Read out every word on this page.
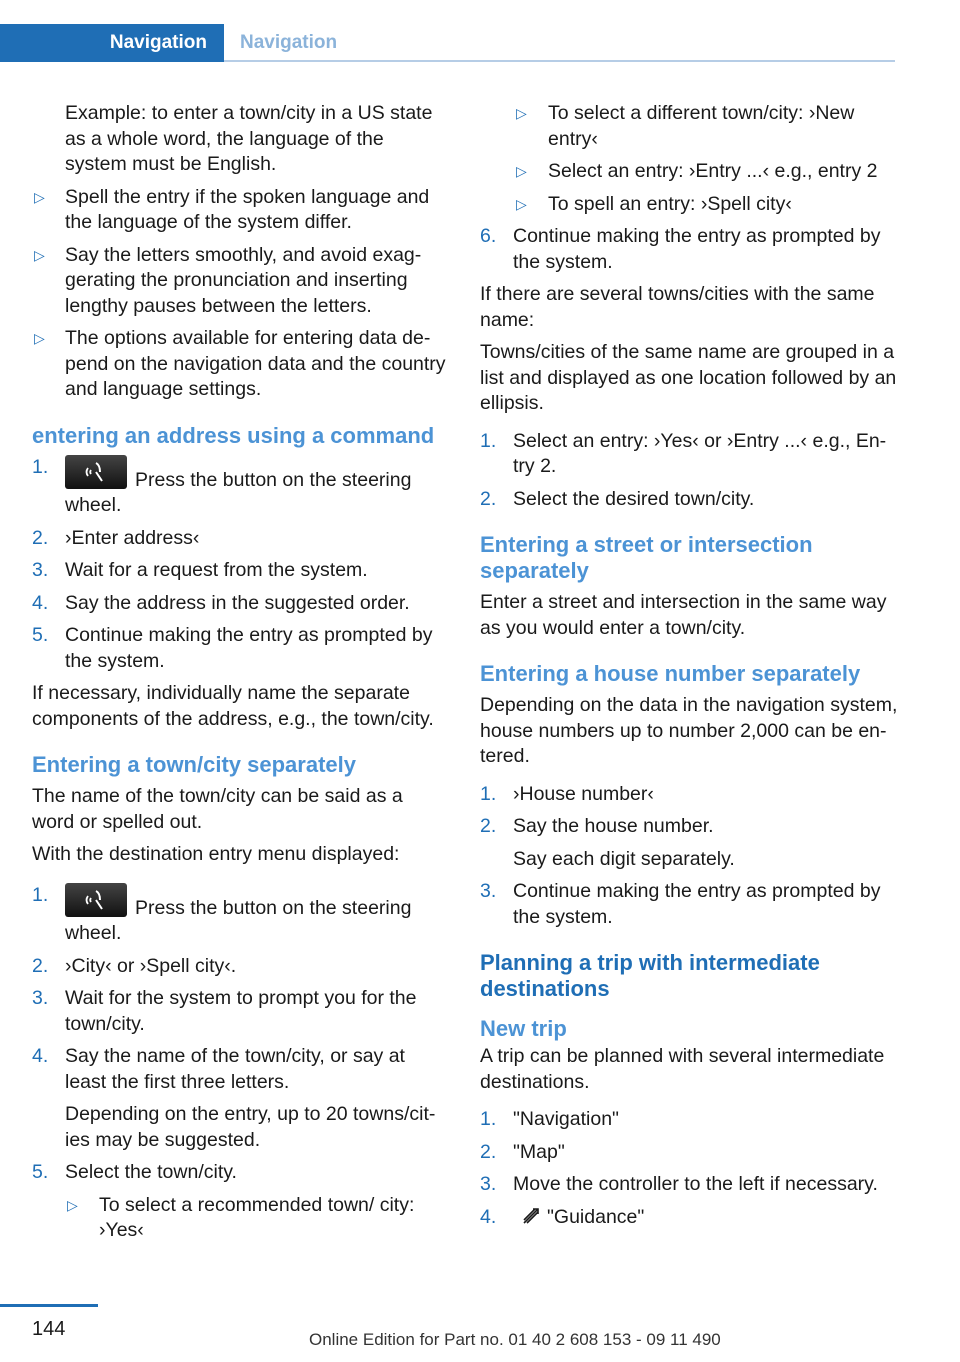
Navigation	Navigation

Example: to enter a town/city in a US state as a whole word, the language of the system must be English.

▷ Spell the entry if the spoken language and the language of the system differ.
▷ Say the letters smoothly, and avoid exag‐ gerating the pronunciation and inserting lengthy pauses between the letters.
▷ The options available for entering data de‐ pend on the navigation data and the country and language settings.
entering an address using a command
1.
Press the button on the steering wheel.
2. ›Enter address‹
3. Wait for a request from the system.
4. Say the address in the suggested order.
5. Continue making the entry as prompted by the system.

If necessary, individually name the separate components of the address, e.g., the town/city.

Entering a town/city separately

The name of the town/city can be said as a word or spelled out.

With the destination entry menu displayed:

1.
Press the button on the steering wheel.
2. ›City‹ or ›Spell city‹.
3. Wait for the system to prompt you for the town/city.
4. Say the name of the town/city, or say at least the first three letters.

Depending on the entry, up to 20 towns/cit‐ ies may be suggested.

5. Select the town/city.
▷ To select a recommended town/ city: ›Yes‹
▷ To select a different town/city: ›New entry‹
▷ Select an entry: ›Entry ...‹ e.g., entry 2
▷ To spell an entry: ›Spell city‹
6. Continue making the entry as prompted by the system.

If there are several towns/cities with the same name:

Towns/cities of the same name are grouped in a list and displayed as one location followed by an ellipsis.

1. Select an entry: ›Yes‹ or ›Entry ...‹ e.g., En‐ try 2.
2. Select the desired town/city.
Entering a street or intersection separately

Enter a street and intersection in the same way as you would enter a town/city.

Entering a house number separately

Depending on the data in the navigation system, house numbers up to number 2,000 can be en‐ tered.

1. ›House number‹
2. Say the house number.

Say each digit separately.

3. Continue making the entry as prompted by the system.
Planning a trip with intermediate destinations
New trip

A trip can be planned with several intermediate destinations.

1. "Navigation"
2. "Map"
3. Move the controller to the left if necessary.
4.	"Guidance"
144	Online Edition for Part no. 01 40 2 608 153 - 09 11 490
